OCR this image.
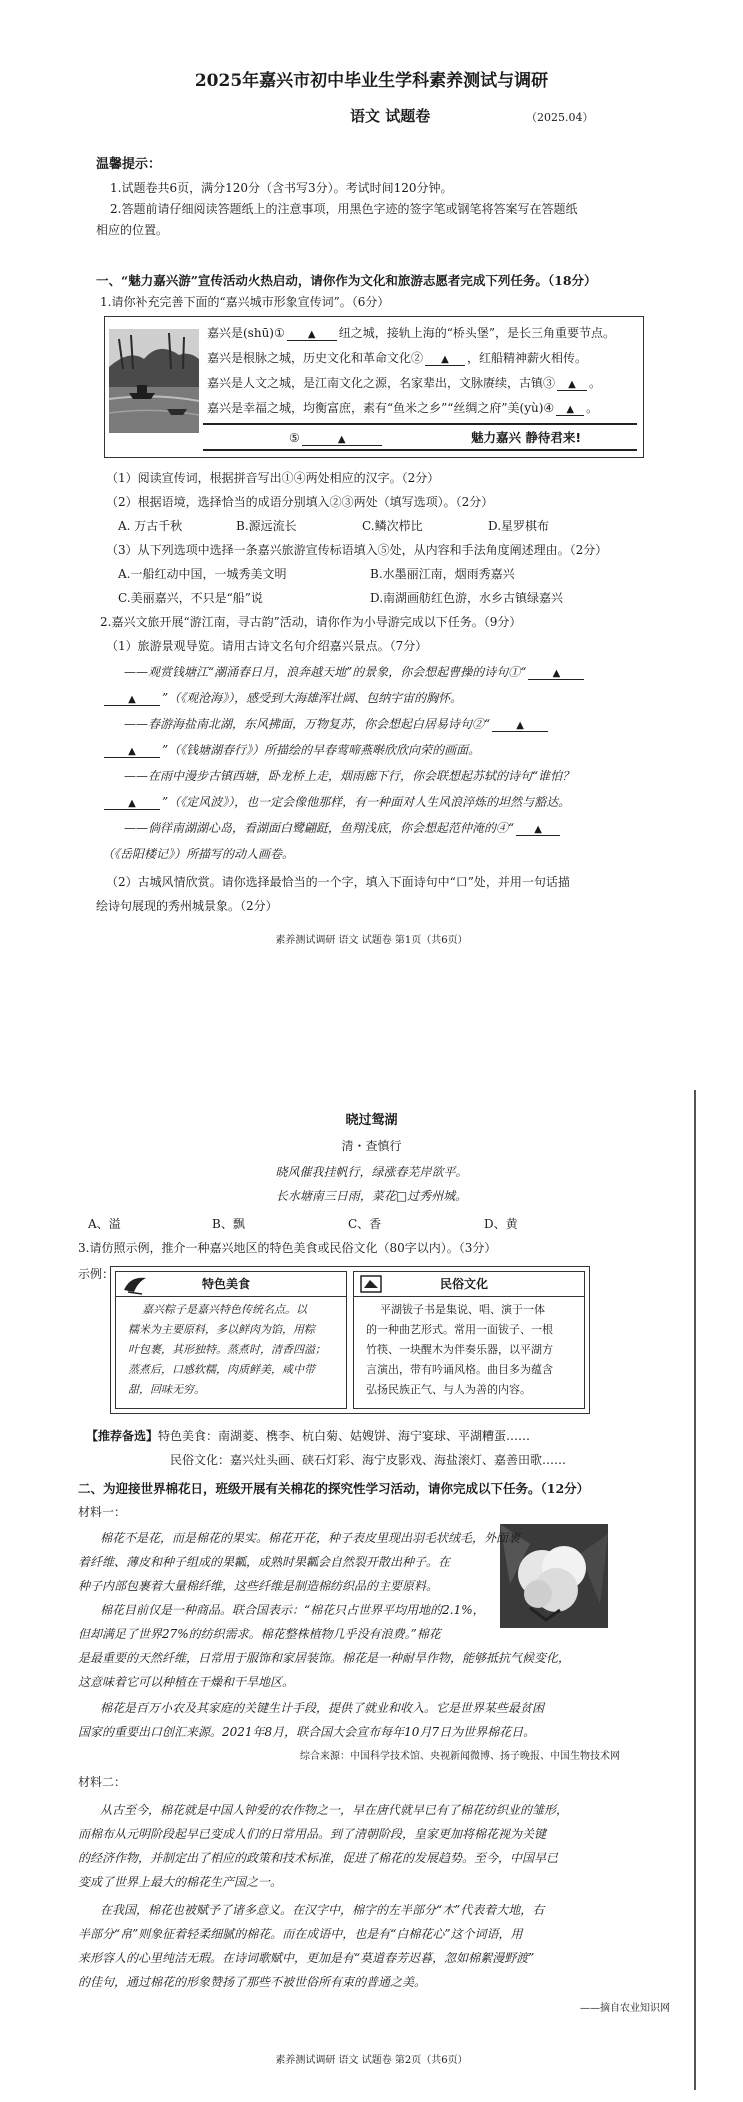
2025年嘉兴市初中毕业生学科素养测试与调研
语文 试题卷	（2025.04）
温馨提示：
1.试题卷共6页，满分120分（含书写3分）。考试时间120分钟。
2.答题前请仔细阅读答题纸上的注意事项，用黑色字迹的签字笔或钢笔将答案写在答题纸
相应的位置。
一、“魅力嘉兴游”宣传活动火热启动，请你作为文化和旅游志愿者完成下列任务。（18分）
1.请你补充完善下面的“嘉兴城市形象宣传词”。（6分）
嘉兴是(shū)① ▲ 纽之城，接轨上海的“桥头堡”，是长三角重要节点。
嘉兴是根脉之城，历史文化和革命文化② ▲ ，红船精神薪火相传。
嘉兴是人文之城，是江南文化之源，名家辈出，文脉赓续，古镇③ ▲ 。
嘉兴是幸福之城，均衡富庶，素有“鱼米之乡”“丝绸之府”美(yù)④ ▲ 。
⑤	▲	魅力嘉兴 静待君来!
（1）阅读宣传词，根据拼音写出①④两处相应的汉字。（2分）
（2）根据语境，选择恰当的成语分别填入②③两处（填写选项）。（2分）
A. 万古千秋	B.源远流长	C.鳞次栉比	D.星罗棋布
（3）从下列选项中选择一条嘉兴旅游宣传标语填入⑤处，从内容和手法角度阐述理由。（2分）
A.一船红动中国，一城秀美文明	B.水墨丽江南，烟雨秀嘉兴
C.美丽嘉兴，不只是“船”说	D.南湖画舫红色游，水乡古镇绿嘉兴
2.嘉兴文旅开展“游江南，寻古韵”活动，请你作为小导游完成以下任务。（9分）
（1）旅游景观导览。请用古诗文名句介绍嘉兴景点。（7分）
——观赏钱塘江“潮涌春日月，浪奔越天地”的景象，你会想起曹操的诗句①“	▲
▲ ”（《观沧海》），感受到大海雄浑壮阔、包纳宇宙的胸怀。
——春游海盐南北湖，东风拂面，万物复苏，你会想起白居易诗句②“	▲
▲ ”（《钱塘湖春行》）所描绘的早春莺啼燕啭欣欣向荣的画面。
——在雨中漫步古镇西塘，卧龙桥上走，烟雨廊下行，你会联想起苏轼的诗句“谁怕？
▲ ”（《定风波》），也一定会像他那样，有一种面对人生风浪淬炼的坦然与豁达。
——倘徉南湖湖心岛，看湖面白鹭翩跹，鱼翔浅底，你会想起范仲淹的④“ ▲
（《岳阳楼记》）所描写的动人画卷。
（2）古城风情欣赏。请你选择最恰当的一个字，填入下面诗句中“口”处，并用一句话描
绘诗句展现的秀州城景象。（2分）
素养测试调研 语文 试题卷 第1页（共6页）
晓过鸳湖
清・查慎行
晓风催我挂帆行，绿涨春芜岸欲平。
长水塘南三日雨，菜花□过秀州城。
A、溢	B、飘	C、香	D、黄
3.请仿照示例，推介一种嘉兴地区的特色美食或民俗文化（80字以内）。（3分）
示例：
特色美食
嘉兴粽子是嘉兴特色传统名点。以
糯米为主要原料，多以鲜肉为馅，用粽
叶包裹，其形独特。蒸煮时，清香四溢；
蒸煮后，口感软糯，肉质鲜美，咸中带
甜，回味无穷。
民俗文化
平湖钹子书是集说、唱、演于一体
的一种曲艺形式。常用一面钹子、一根
竹筷、一块醒木为伴奏乐器，以平湖方
言演出，带有吟诵风格。曲目多为蕴含
弘扬民族正气、与人为善的内容。
【推荐备选】特色美食：南湖菱、槜李、杭白菊、姑嫂饼、海宁宴球、平湖糟蛋……
民俗文化：嘉兴灶头画、硖石灯彩、海宁皮影戏、海盐滚灯、嘉善田歌……
二、为迎接世界棉花日，班级开展有关棉花的探究性学习活动，请你完成以下任务。（12分）
材料一：
棉花不是花，而是棉花的果实。棉花开花，种子表皮里现出羽毛状绒毛，外面裹
着纤维、薄皮和种子组成的果瓤，成熟时果瓤会自然裂开散出种子。在
种子内部包裹着大量棉纤维，这些纤维是制造棉纺织品的主要原料。
棉花目前仅是一种商品。联合国表示：“棉花只占世界平均用地的2.1%，
但却满足了世界27%的纺织需求。棉花整株植物几乎没有浪费。”棉花
是最重要的天然纤维，日常用于服饰和家居装饰。棉花是一种耐旱作物，能够抵抗气候变化，
这意味着它可以种植在干燥和干旱地区。
棉花是百万小农及其家庭的关键生计手段，提供了就业和收入。它是世界某些最贫困
国家的重要出口创汇来源。2021年8月，联合国大会宣布每年10月7日为世界棉花日。
综合来源：中国科学技术馆、央视新闻微博、扬子晚报、中国生物技术网
材料二：
从古至今，棉花就是中国人钟爱的农作物之一，早在唐代就早已有了棉花纺织业的雏形，
而棉布从元明阶段起早已变成人们的日常用品。到了清朝阶段，皇家更加将棉花视为关键
的经济作物，并制定出了相应的政策和技术标准，促进了棉花的发展趋势。至今，中国早已
变成了世界上最大的棉花生产国之一。
在我国，棉花也被赋予了诸多意义。在汉字中，棉字的左半部分“木”代表着大地，右
半部分“帛”则象征着轻柔细腻的棉花。而在成语中，也是有“白棉花心”这个词语，用
来形容人的心里纯洁无瑕。在诗词歌赋中，更加是有“莫道春芳迟暮，忽如棉絮漫野渡”
的佳句，通过棉花的形象赞扬了那些不被世俗所有束的普通之美。
——摘自农业知识网
素养测试调研 语文 试题卷 第2页（共6页）
